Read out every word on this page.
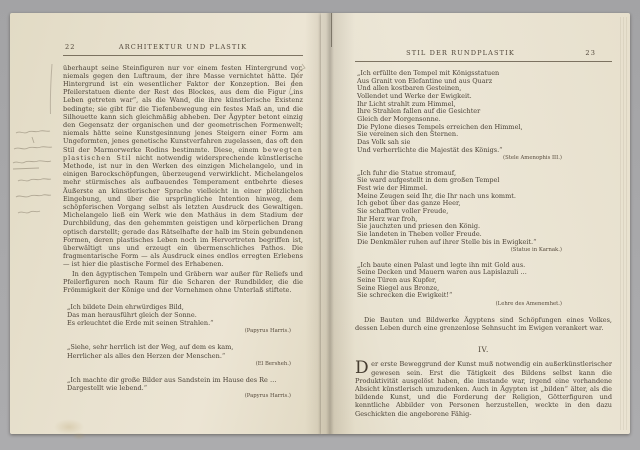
22	ARCHITEKTUR UND PLASTIK
überhaupt seine Steinfiguren nur vor einem festen Hintergrund vor, niemals gegen den Luftraum, der ihre Masse vernichtet hätte. Der Hintergrund ist ein wesentlicher Faktor der Konzeption. Bei den Pfeilerstatuen diente der Rest des Blockes, aus dem die Figur „ins Leben getreten war“, als die Wand, die ihre künstlerische Existenz bedingte; sie gibt für die Tiefenbewegung ein festes Maß an, und die Silhouette kann sich gleichmäßig abheben. Der Ägypter betont einzig den Gegensatz der organischen und der geometrischen Formenwelt; niemals hätte seine Kunstgesinnung jenes Steigern einer Form am Ungeformten, jenes genetische Kunstverfahren zugelassen, das oft den Stil der Marmorwerke Rodins bestimmte. Diese, einem bewegten plastischen Stil nicht notwendig widersprechende künstlerische Methode, ist nur in den Werken des einzigen Michelangelo, und in einigen Barockschöpfungen, überzeugend verwirklicht. Michelangelos mehr stürmisches als aufbauendes Temperament entbehrte dieses Äußerste an künstlerischer Sprache vielleicht in einer plötzlichen Eingebung, und über die ursprüngliche Intention hinweg, dem schöpferischen Vorgang selbst als letzten Ausdruck des Gewaltigen. Michelangelo ließ ein Werk wie den Mathäus in dem Stadium der Durchbildung, das den gehemmten geistigen und körperlichen Drang optisch darstellt; gerade das Rätselhafte der halb im Stein gebundenen Formen, deren plastisches Leben noch im Hervortreten begriffen ist, überwältigt uns und erzeugt ein übermenschliches Pathos. Die fragmentarische Form — als Ausdruck eines endlos erregten Erlebens — ist hier die plastische Formel des Erhabenen.
In den ägyptischen Tempeln und Gräbern war außer für Reliefs und Pfeilerfiguren noch Raum für die Scharen der Rundbilder, die die Frömmigkeit der Könige und der Vornehmen ohne Unterlaß stiftete.
„Ich bildete Dein ehrwürdiges Bild,
Das man herausführt gleich der Sonne.
Es erleuchtet die Erde mit seinen Strahlen.“
(Papyrus Harris.)
„Siehe, sehr herrlich ist der Weg, auf dem es kam,
Herrlicher als alles den Herzen der Menschen.“
(El Bersheh.)
„Ich machte dir große Bilder aus Sandstein im Hause des Re …
Dargestellt wie lebend.“
(Papyrus Harris.)
23
STIL DER RUNDPLASTIK
„Ich erfüllte den Tempel mit Königsstatuen
Aus Granit von Elefantine und aus Quarz
Und allen kostbaren Gesteinen,
Vollendet und Werke der Ewigkeit.
Ihr Licht strahlt zum Himmel,
Ihre Strahlen fallen auf die Gesichter
Gleich der Morgensonne.
Die Pylone dieses Tempels erreichen den Himmel,
Sie vereinen sich den Sternen.
Das Volk sah sie
Und verherrlichte die Majestät des Königs.“
(Stele Amenophis III.)
„Ich fuhr die Statue stromauf,
Sie ward aufgestellt in dem großen Tempel
Fest wie der Himmel.
Meine Zeugen seid Ihr, die Ihr nach uns kommt.
Ich gebot über das ganze Heer,
Sie schafften voller Freude,
Ihr Herz war froh,
Sie jauchzten und priesen den König.
Sie landeten in Theben voller Freude.
Die Denkmäler ruhen auf ihrer Stelle bis in Ewigkeit.“
(Statue in Karnak.)
„Ich baute einen Palast und legte ihn mit Gold aus.
Seine Decken und Mauern waren aus Lapislazuli …
Seine Türen aus Kupfer,
Seine Riegel aus Bronze,
Sie schrecken die Ewigkeit!“
(Lehre des Amenemhet.)
Die Bauten und Bildwerke Ägyptens sind Schöpfungen eines Volkes, dessen Leben durch eine grenzenlose Sehnsucht im Ewigen verankert war.
IV.
Der erste Beweggrund der Kunst muß notwendig ein außerkünstlerischer gewesen sein. Erst die Tätigkeit des Bildens selbst kann die Produktivität ausgelöst haben, die imstande war, irgend eine vorhandene Absicht künstlerisch umzudenken. Auch in Ägypten ist „bilden“ älter, als die bildende Kunst, und die Forderung der Religion, Götterfiguren und kenntliche Abbilder von Personen herzustellen, weckte in den dazu Geschickten die angeborene Fähig-
